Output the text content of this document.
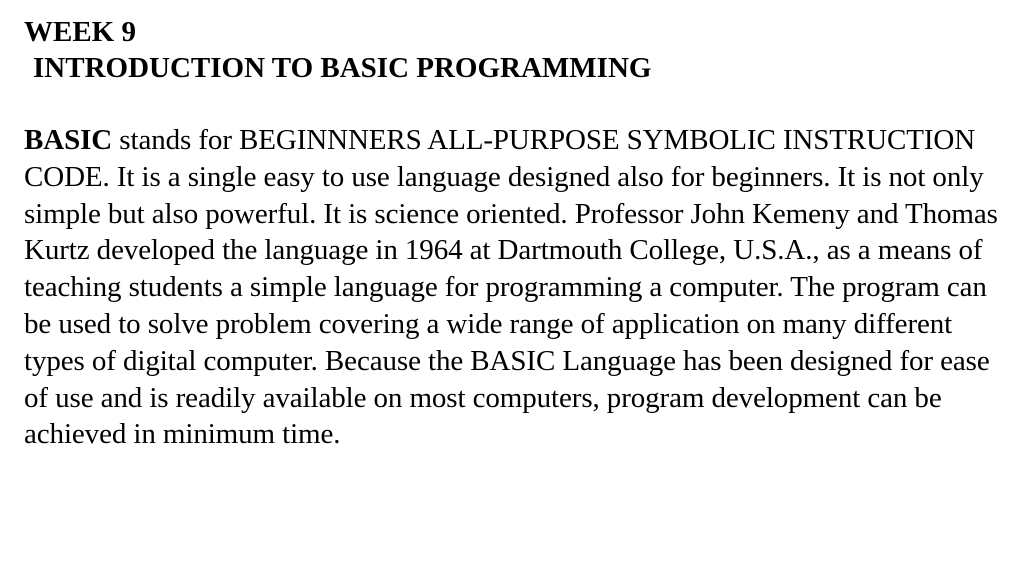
WEEK 9

INTRODUCTION TO BASIC PROGRAMMING

BASIC stands for BEGINNNERS ALL-PURPOSE SYMBOLIC INSTRUCTION CODE. It is a single easy to use language designed also for beginners. It is not only simple but also powerful. It is science oriented. Professor John Kemeny and Thomas Kurtz developed the language in 1964 at Dartmouth College, U.S.A., as a means of teaching students a simple language for programming a computer. The program can be used to solve problem covering a wide range of application on many different types of digital computer. Because the BASIC Language has been designed for ease of use and is readily available on most computers, program development can be achieved in minimum time.
